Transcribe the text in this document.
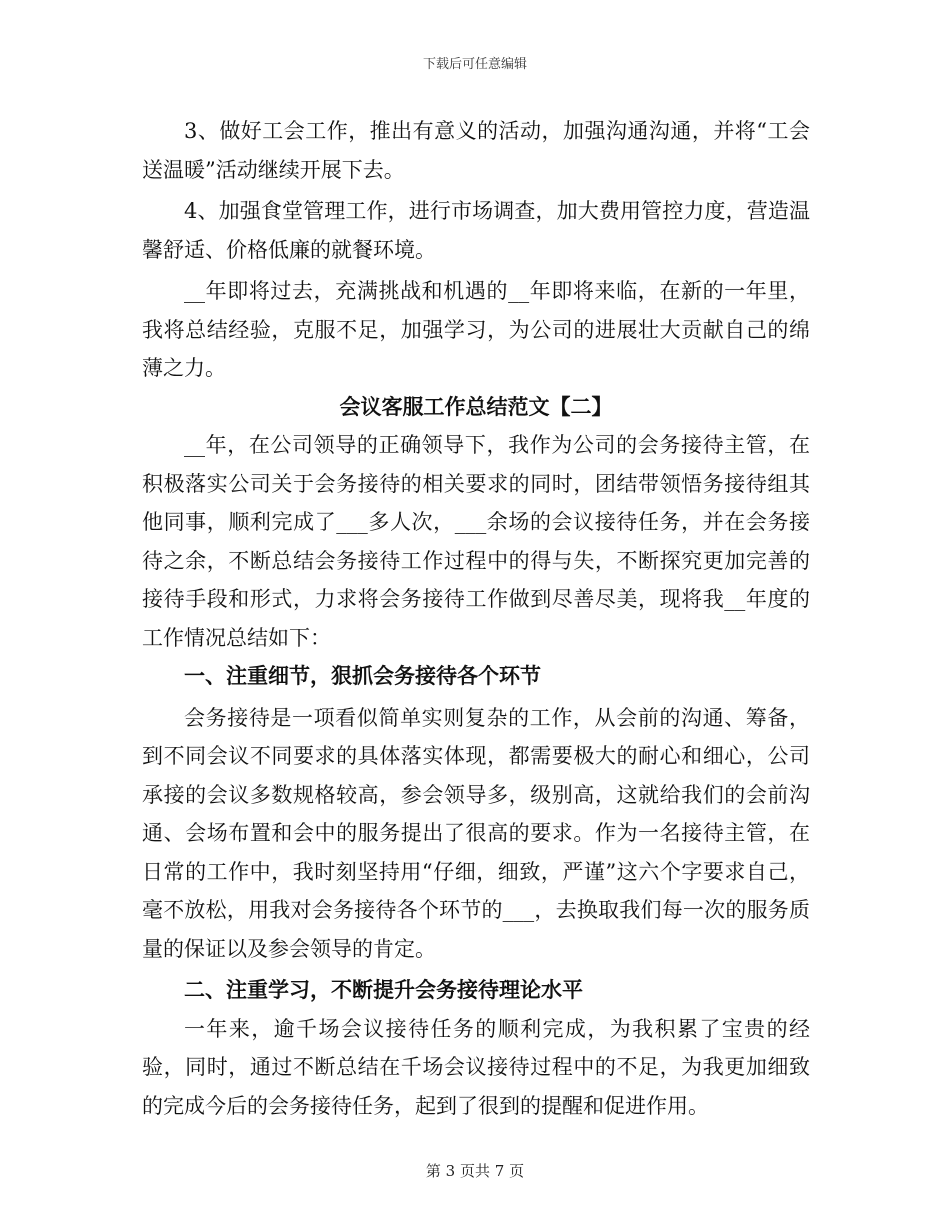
下载后可任意编辑

3、做好工会工作，推出有意义的活动，加强沟通沟通，并将“工会送温暖”活动继续开展下去。

4、加强食堂管理工作，进行市场调查，加大费用管控力度，营造温馨舒适、价格低廉的就餐环境。

__年即将过去，充满挑战和机遇的__年即将来临，在新的一年里，我将总结经验，克服不足，加强学习，为公司的进展壮大贡献自己的绵薄之力。

会议客服工作总结范文【二】

__年，在公司领导的正确领导下，我作为公司的会务接待主管，在积极落实公司关于会务接待的相关要求的同时，团结带领悟务接待组其他同事，顺利完成了___多人次，___余场的会议接待任务，并在会务接待之余，不断总结会务接待工作过程中的得与失，不断探究更加完善的接待手段和形式，力求将会务接待工作做到尽善尽美，现将我__年度的工作情况总结如下：

一、注重细节，狠抓会务接待各个环节

会务接待是一项看似简单实则复杂的工作，从会前的沟通、筹备，到不同会议不同要求的具体落实体现，都需要极大的耐心和细心，公司承接的会议多数规格较高，参会领导多，级别高，这就给我们的会前沟通、会场布置和会中的服务提出了很高的要求。作为一名接待主管，在日常的工作中，我时刻坚持用“仔细，细致，严谨”这六个字要求自己，毫不放松，用我对会务接待各个环节的___，去换取我们每一次的服务质量的保证以及参会领导的肯定。

二、注重学习，不断提升会务接待理论水平

一年来，逾千场会议接待任务的顺利完成，为我积累了宝贵的经验，同时，通过不断总结在千场会议接待过程中的不足，为我更加细致的完成今后的会务接待任务，起到了很到的提醒和促进作用。

第 3 页共 7 页
